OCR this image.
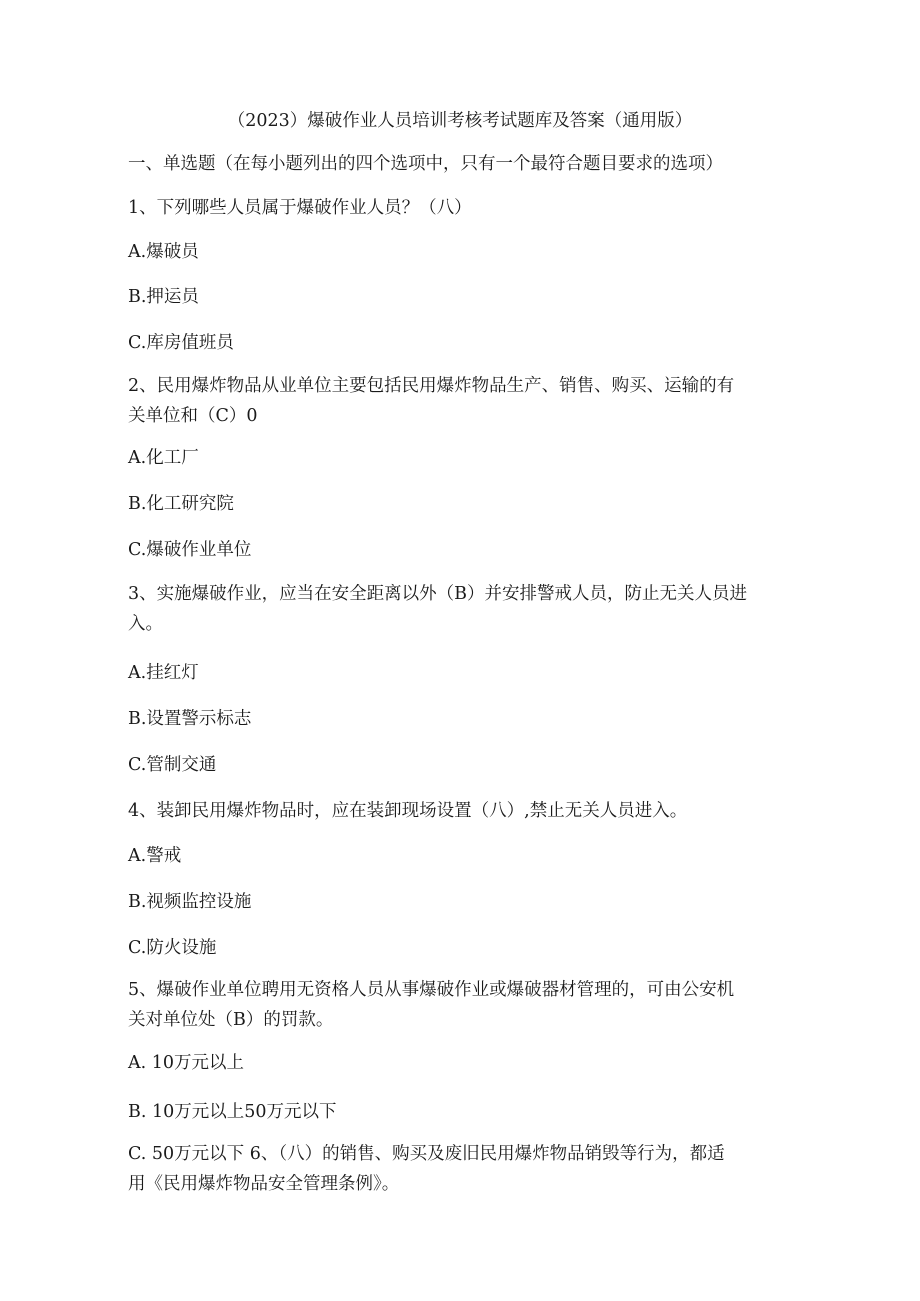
（2023）爆破作业人员培训考核考试题库及答案（通用版）
一、单选题（在每小题列出的四个选项中，只有一个最符合题目要求的选项）
1、下列哪些人员属于爆破作业人员？（八）
A.爆破员
B.押运员
C.库房值班员
2、民用爆炸物品从业单位主要包括民用爆炸物品生产、销售、购买、运输的有
关单位和（C）0
A.化工厂
B.化工研究院
C.爆破作业单位
3、实施爆破作业，应当在安全距离以外（B）并安排警戒人员，防止无关人员进
入。
A.挂红灯
B.设置警示标志
C.管制交通
4、装卸民用爆炸物品时，应在装卸现场设置（八）,禁止无关人员进入。
A.警戒
B.视频监控设施
C.防火设施
5、爆破作业单位聘用无资格人员从事爆破作业或爆破器材管理的，可由公安机
关对单位处（B）的罚款。
A. 10万元以上
B. 10万元以上50万元以下
C. 50万元以下 6、（八）的销售、购买及废旧民用爆炸物品销毁等行为，都适
用《民用爆炸物品安全管理条例》。
